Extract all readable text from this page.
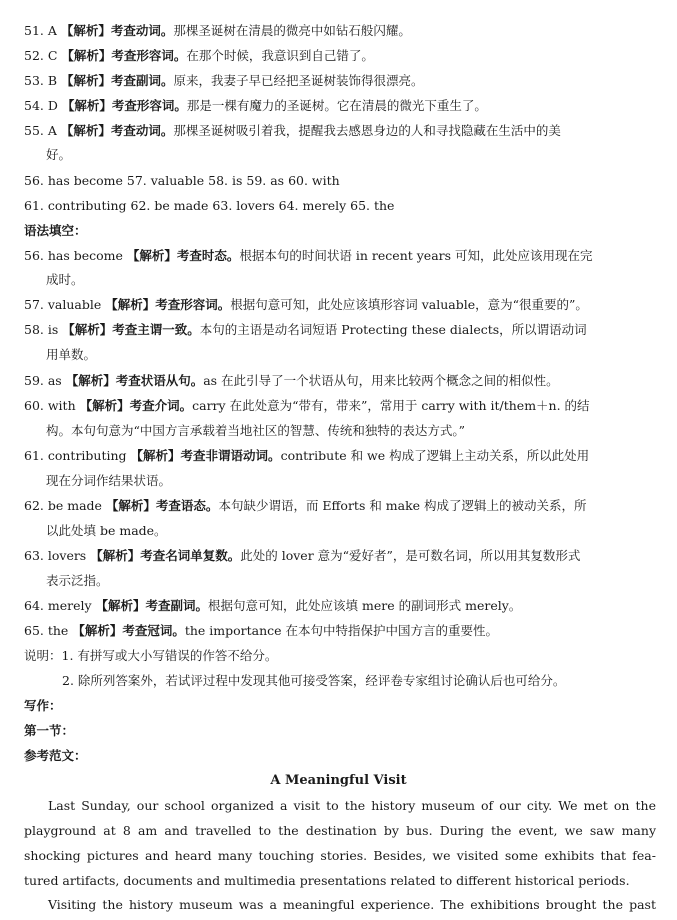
51. A 【解析】考查动词。那棵圣诞树在清晨的微亮中如钻石般闪耀。
52. C 【解析】考查形容词。在那个时候，我意识到自己错了。
53. B 【解析】考查副词。原来，我妻子早已经把圣诞树装饰得很漂亮。
54. D 【解析】考查形容词。那是一棵有魔力的圣诞树。它在清晨的微光下重生了。
55. A 【解析】考查动词。那棵圣诞树吸引着我，提醒我去感恩身边的人和寻找隐藏在生活中的美
好。
56. has become 57. valuable 58. is 59. as 60. with
61. contributing 62. be made 63. lovers 64. merely 65. the
语法填空：
56. has become 【解析】考查时态。根据本句的时间状语 in recent years 可知，此处应该用现在完
成时。
57. valuable 【解析】考查形容词。根据句意可知，此处应该填形容词 valuable，意为“很重要的”。
58. is 【解析】考查主谓一致。本句的主语是动名词短语 Protecting these dialects，所以谓语动词
用单数。
59. as 【解析】考查状语从句。as 在此引导了一个状语从句，用来比较两个概念之间的相似性。
60. with 【解析】考查介词。carry 在此处意为“带有，带来”，常用于 carry with it/them＋n. 的结
构。本句句意为“中国方言承载着当地社区的智慧、传统和独特的表达方式。”
61. contributing 【解析】考查非谓语动词。contribute 和 we 构成了逻辑上主动关系，所以此处用
现在分词作结果状语。
62. be made 【解析】考查语态。本句缺少谓语，而 Efforts 和 make 构成了逻辑上的被动关系，所
以此处填 be made。
63. lovers 【解析】考查名词单复数。此处的 lover 意为“爱好者”，是可数名词，所以用其复数形式
表示泛指。
64. merely 【解析】考查副词。根据句意可知，此处应该填 mere 的副词形式 merely。
65. the 【解析】考查冠词。the importance 在本句中特指保护中国方言的重要性。
说明：1. 有拼写或大小写错误的作答不给分。
2. 除所列答案外，若试评过程中发现其他可接受答案，经评卷专家组讨论确认后也可给分。
写作：
第一节：
参考范文：
A Meaningful Visit
Last Sunday, our school organized a visit to the history museum of our city. We met on the
playground at 8 am and travelled to the destination by bus. During the event, we saw many
shocking pictures and heard many touching stories. Besides, we visited some exhibits that fea-
tured artifacts, documents and multimedia presentations related to different historical periods.
Visiting the history museum was a meaningful experience. The exhibitions brought the past
